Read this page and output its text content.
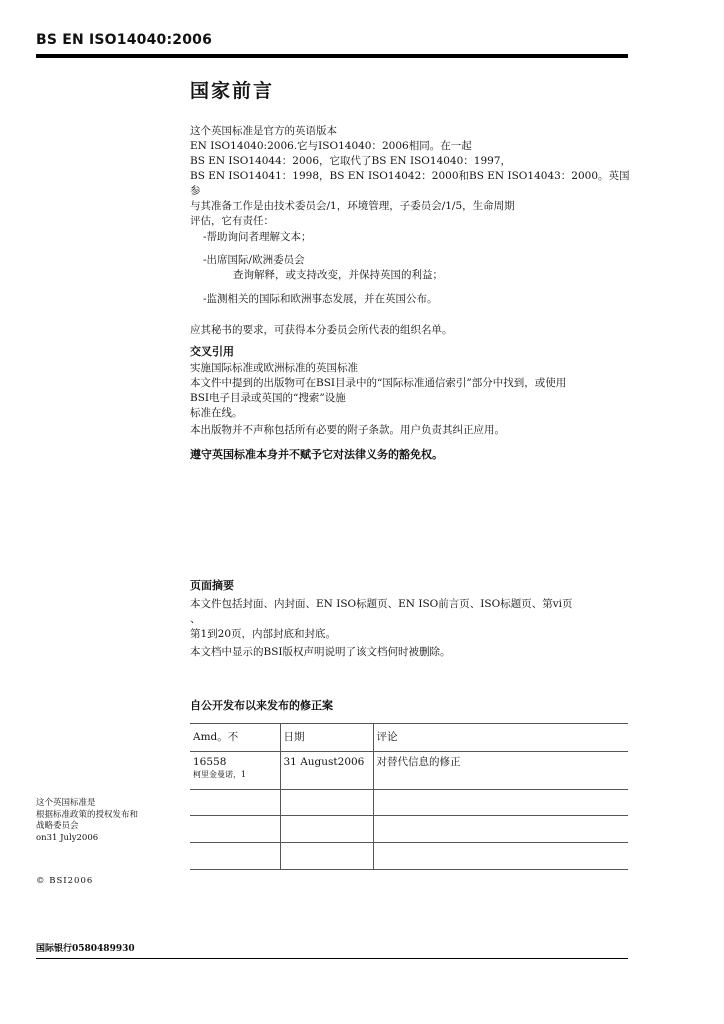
BS EN ISO14040:2006
国家前言

这个英国标准是官方的英语版本

EN ISO14040:2006.它与ISO14040：2006相同。在一起

BS EN ISO14044：2006，它取代了BS EN ISO14040：1997，

BS EN ISO14041：1998，BS EN ISO14042：2000和BS EN ISO14043：2000。英国参

与其准备工作是由技术委员会/1，环境管理，子委员会/1/5，生命周期

评估，它有责任：

-帮助询问者理解文本；
-出席国际/欧洲委员会
查询解释，或支持改变，并保持英国的利益；
-监测相关的国际和欧洲事态发展，并在英国公布。
应其秘书的要求，可获得本分委员会所代表的组织名单。
交叉引用

实施国际标准或欧洲标准的英国标准

本文件中提到的出版物可在BSI目录中的“国际标准通信索引”部分中找到，或使用

BSI电子目录或英国的“搜索”设施

标准在线。

本出版物并不声称包括所有必要的附子条款。用户负责其纠正应用。

遵守英国标准本身并不赋予它对法律义务的豁免权。
页面摘要

本文件包括封面、内封面、EN ISO标题页、EN ISO前言页、ISO标题页、第vi页

、

第1到20页，内部封底和封底。

本文档中显示的BSI版权声明说明了该文档何时被删除。

自公开发布以来发布的修正案
Amd。不	日期	评论

16558
柯里金曼诺，1	31 August2006	对替代信息的修正

这个英国标准是
根据标准政策的授权发布和
战略委员会
on31 July2006
© BSI2006
国际银行0580489930
